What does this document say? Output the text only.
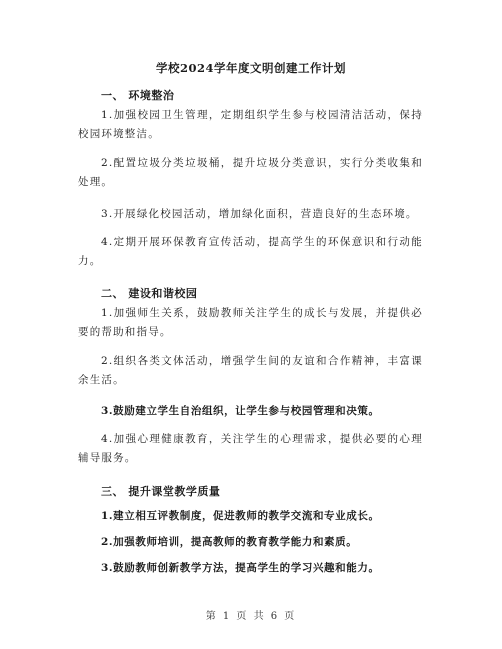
学校2024学年度文明创建工作计划
一、 环境整治
1.加强校园卫生管理，定期组织学生参与校园清洁活动，保持校园环境整洁。
2.配置垃圾分类垃圾桶，提升垃圾分类意识，实行分类收集和处理。
3.开展绿化校园活动，增加绿化面积，营造良好的生态环境。
4.定期开展环保教育宣传活动，提高学生的环保意识和行动能力。
二、 建设和谐校园
1.加强师生关系，鼓励教师关注学生的成长与发展，并提供必要的帮助和指导。
2.组织各类文体活动，增强学生间的友谊和合作精神，丰富课余生活。
3.鼓励建立学生自治组织，让学生参与校园管理和决策。
4.加强心理健康教育，关注学生的心理需求，提供必要的心理辅导服务。
三、 提升课堂教学质量
1.建立相互评教制度，促进教师的教学交流和专业成长。
2.加强教师培训，提高教师的教育教学能力和素质。
3.鼓励教师创新教学方法，提高学生的学习兴趣和能力。
第 1 页 共 6 页
